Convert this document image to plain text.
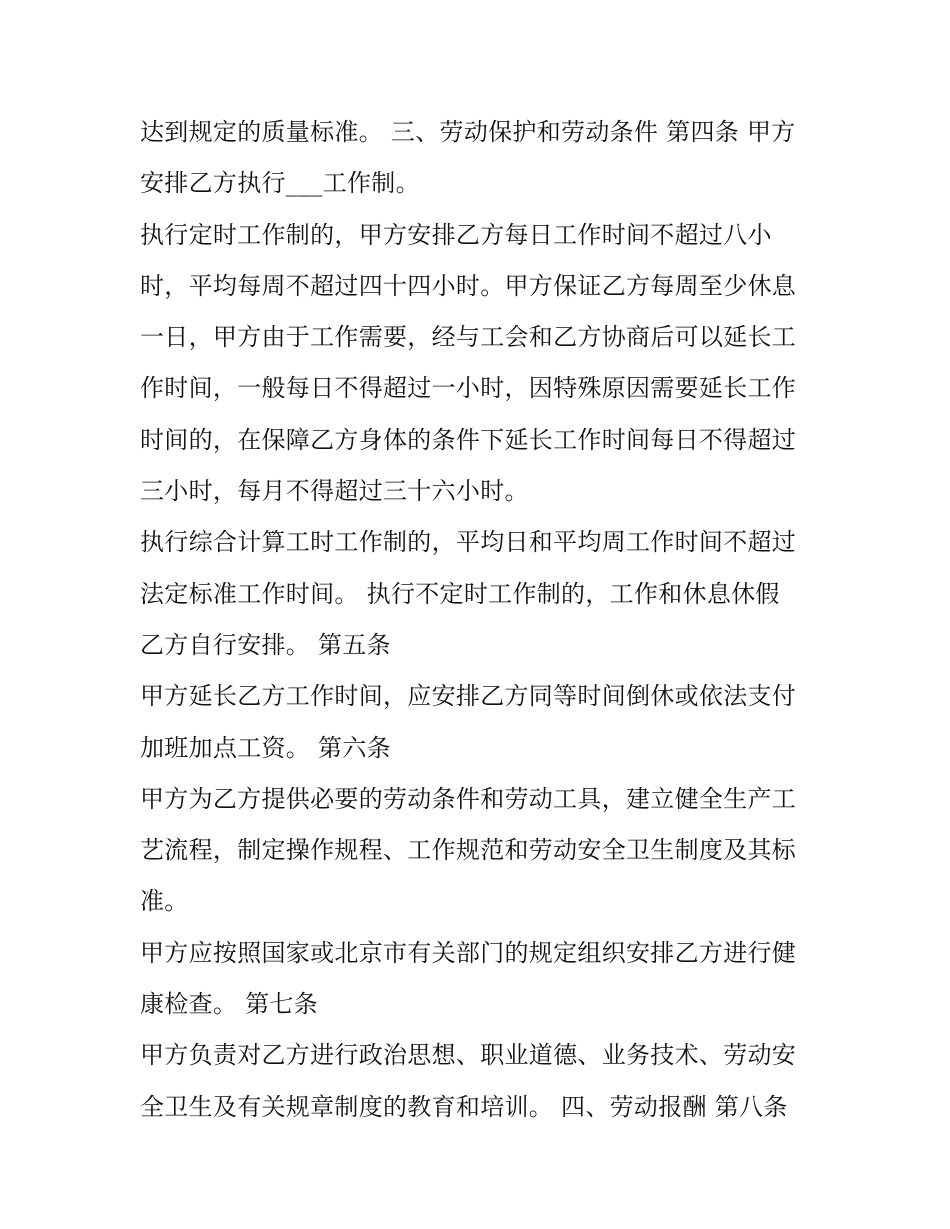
达到规定的质量标准。 三、劳动保护和劳动条件 第四条 甲方
安排乙方执行___工作制。
执行定时工作制的，甲方安排乙方每日工作时间不超过八小
时，平均每周不超过四十四小时。甲方保证乙方每周至少休息
一日，甲方由于工作需要，经与工会和乙方协商后可以延长工
作时间，一般每日不得超过一小时，因特殊原因需要延长工作
时间的，在保障乙方身体的条件下延长工作时间每日不得超过
三小时，每月不得超过三十六小时。
执行综合计算工时工作制的，平均日和平均周工作时间不超过
法定标准工作时间。 执行不定时工作制的，工作和休息休假
乙方自行安排。 第五条
甲方延长乙方工作时间，应安排乙方同等时间倒休或依法支付
加班加点工资。 第六条
甲方为乙方提供必要的劳动条件和劳动工具，建立健全生产工
艺流程，制定操作规程、工作规范和劳动安全卫生制度及其标
准。
甲方应按照国家或北京市有关部门的规定组织安排乙方进行健
康检查。 第七条
甲方负责对乙方进行政治思想、职业道德、业务技术、劳动安
全卫生及有关规章制度的教育和培训。 四、劳动报酬 第八条
